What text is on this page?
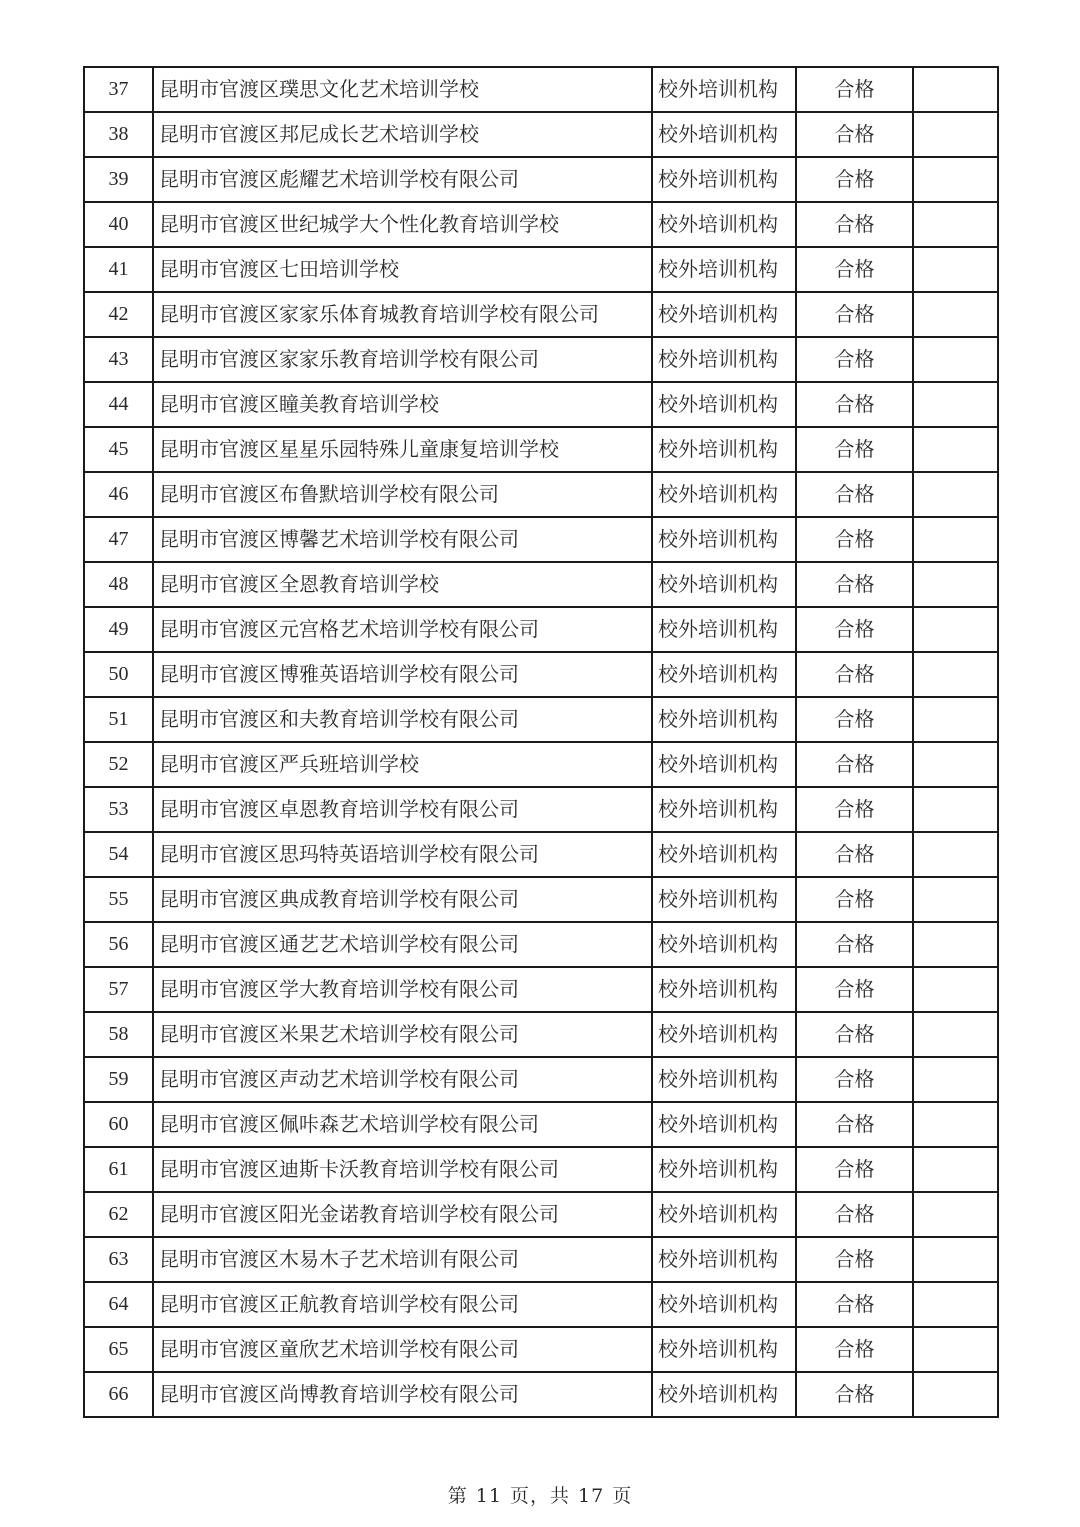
37	昆明市官渡区璞思文化艺术培训学校	校外培训机构	合格	
38	昆明市官渡区邦尼成长艺术培训学校	校外培训机构	合格	
39	昆明市官渡区彪耀艺术培训学校有限公司	校外培训机构	合格	
40	昆明市官渡区世纪城学大个性化教育培训学校	校外培训机构	合格	
41	昆明市官渡区七田培训学校	校外培训机构	合格	
42	昆明市官渡区家家乐体育城教育培训学校有限公司	校外培训机构	合格	
43	昆明市官渡区家家乐教育培训学校有限公司	校外培训机构	合格	
44	昆明市官渡区瞳美教育培训学校	校外培训机构	合格	
45	昆明市官渡区星星乐园特殊儿童康复培训学校	校外培训机构	合格	
46	昆明市官渡区布鲁默培训学校有限公司	校外培训机构	合格	
47	昆明市官渡区博馨艺术培训学校有限公司	校外培训机构	合格	
48	昆明市官渡区全恩教育培训学校	校外培训机构	合格	
49	昆明市官渡区元宫格艺术培训学校有限公司	校外培训机构	合格	
50	昆明市官渡区博雅英语培训学校有限公司	校外培训机构	合格	
51	昆明市官渡区和夫教育培训学校有限公司	校外培训机构	合格	
52	昆明市官渡区严兵班培训学校	校外培训机构	合格	
53	昆明市官渡区卓恩教育培训学校有限公司	校外培训机构	合格	
54	昆明市官渡区思玛特英语培训学校有限公司	校外培训机构	合格	
55	昆明市官渡区典成教育培训学校有限公司	校外培训机构	合格	
56	昆明市官渡区通艺艺术培训学校有限公司	校外培训机构	合格	
57	昆明市官渡区学大教育培训学校有限公司	校外培训机构	合格	
58	昆明市官渡区米果艺术培训学校有限公司	校外培训机构	合格	
59	昆明市官渡区声动艺术培训学校有限公司	校外培训机构	合格	
60	昆明市官渡区佩咔森艺术培训学校有限公司	校外培训机构	合格	
61	昆明市官渡区迪斯卡沃教育培训学校有限公司	校外培训机构	合格	
62	昆明市官渡区阳光金诺教育培训学校有限公司	校外培训机构	合格	
63	昆明市官渡区木易木子艺术培训有限公司	校外培训机构	合格	
64	昆明市官渡区正航教育培训学校有限公司	校外培训机构	合格	
65	昆明市官渡区童欣艺术培训学校有限公司	校外培训机构	合格	
66	昆明市官渡区尚博教育培训学校有限公司	校外培训机构	合格	
第 11 页，共 17 页
